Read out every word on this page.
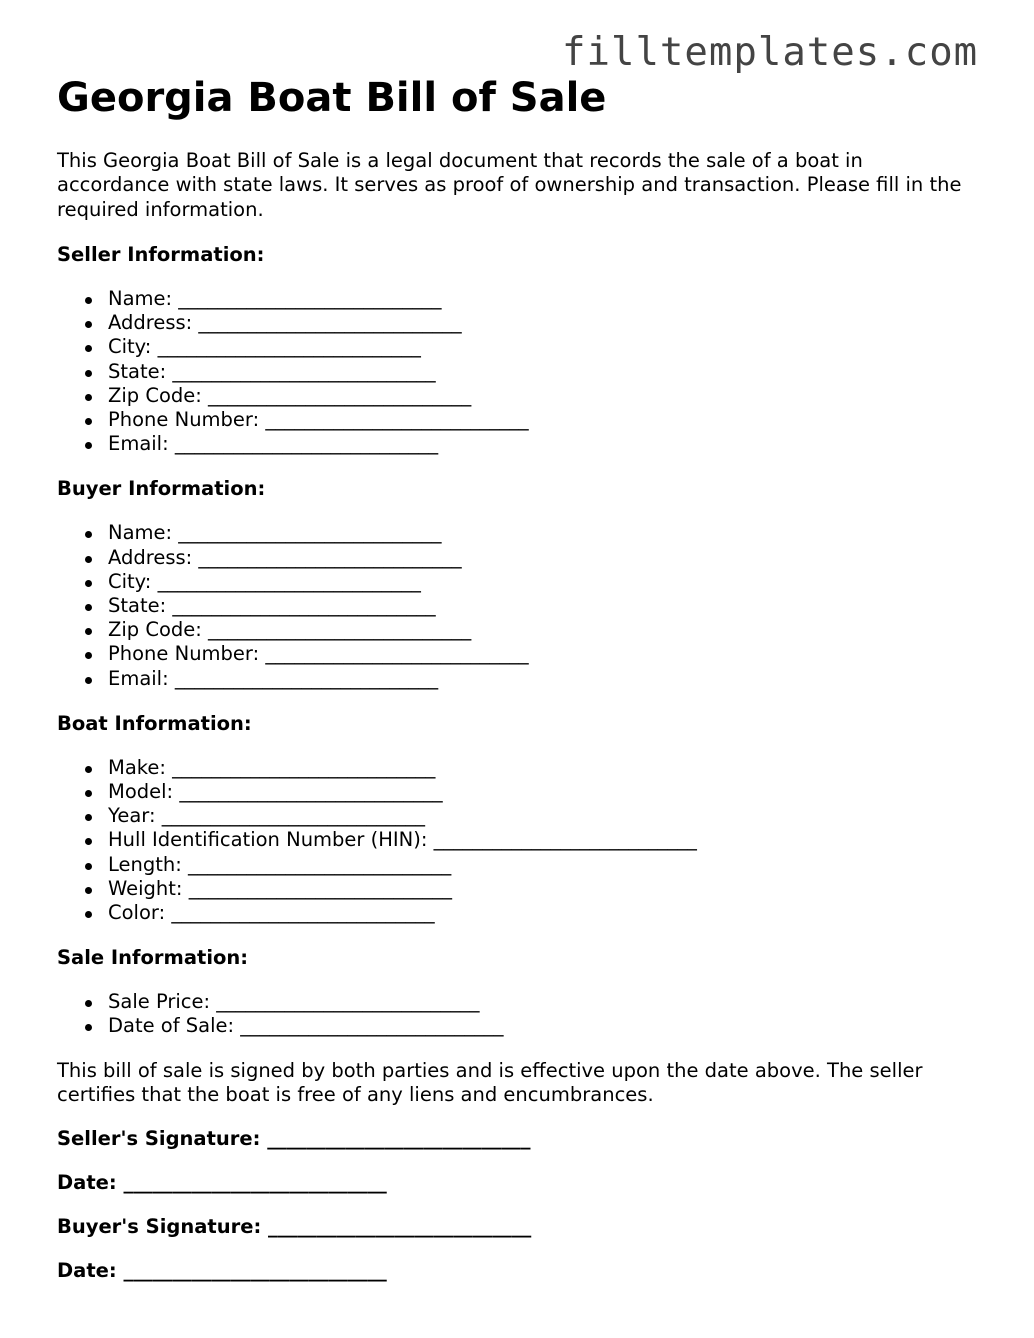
filltemplates.com
Georgia Boat Bill of Sale

This Georgia Boat Bill of Sale is a legal document that records the sale of a boat in accordance with state laws. It serves as proof of ownership and transaction. Please fill in the required information.

Seller Information:

Name: ___________________________
Address: ___________________________
City: ___________________________
State: ___________________________
Zip Code: ___________________________
Phone Number: ___________________________
Email: ___________________________

Buyer Information:

Name: ___________________________
Address: ___________________________
City: ___________________________
State: ___________________________
Zip Code: ___________________________
Phone Number: ___________________________
Email: ___________________________

Boat Information:

Make: ___________________________
Model: ___________________________
Year: ___________________________
Hull Identification Number (HIN): ___________________________
Length: ___________________________
Weight: ___________________________
Color: ___________________________

Sale Information:

Sale Price: ___________________________
Date of Sale: ___________________________

This bill of sale is signed by both parties and is effective upon the date above. The seller certifies that the boat is free of any liens and encumbrances.

Seller's Signature: ___________________________

Date: ___________________________

Buyer's Signature: ___________________________

Date: ___________________________
